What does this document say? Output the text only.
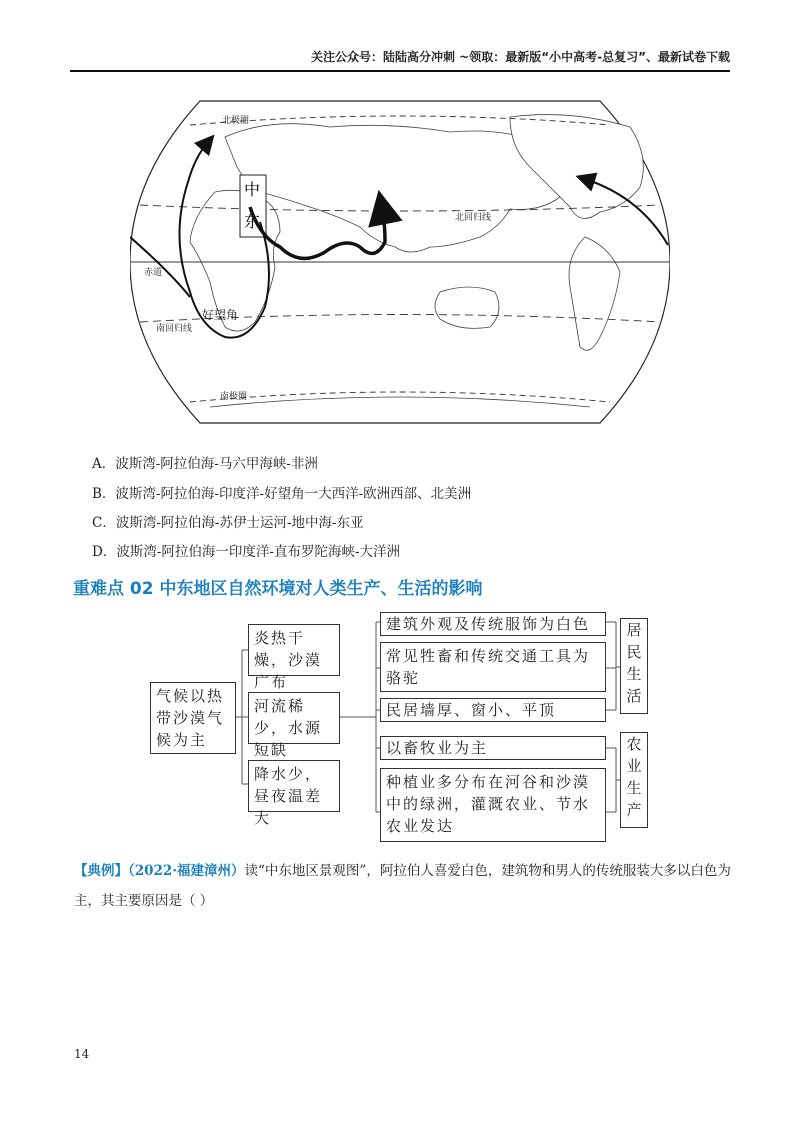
关注公众号：陆陆高分冲刺 ~领取：最新版“小中高考-总复习”、最新试卷下载
北极圈
北回归线
赤道
南回归线
南极圈
好望角
中
东
A．波斯湾-阿拉伯海-马六甲海峡-非洲
B．波斯湾-阿拉伯海-印度洋-好望角一大西洋-欧洲西部、北美洲
C．波斯湾-阿拉伯海-苏伊士运河-地中海-东亚
D．波斯湾-阿拉伯海一印度洋-直布罗陀海峡-大洋洲
重难点 02 中东地区自然环境对人类生产、生活的影响
气候以热带沙漠气候为主
炎热干燥，沙漠广布
河流稀少，水源短缺
降水少，昼夜温差大
建筑外观及传统服饰为白色
常见牲畜和传统交通工具为骆驼
民居墙厚、窗小、平顶
以畜牧业为主
种植业多分布在河谷和沙漠中的绿洲，灌溉农业、节水农业发达
居
民
生
活
农
业
生
产
【典例】（2022·福建漳州）读“中东地区景观图”，阿拉伯人喜爱白色，建筑物和男人的传统服装大多以白色为主，其主要原因是（ ）
14
